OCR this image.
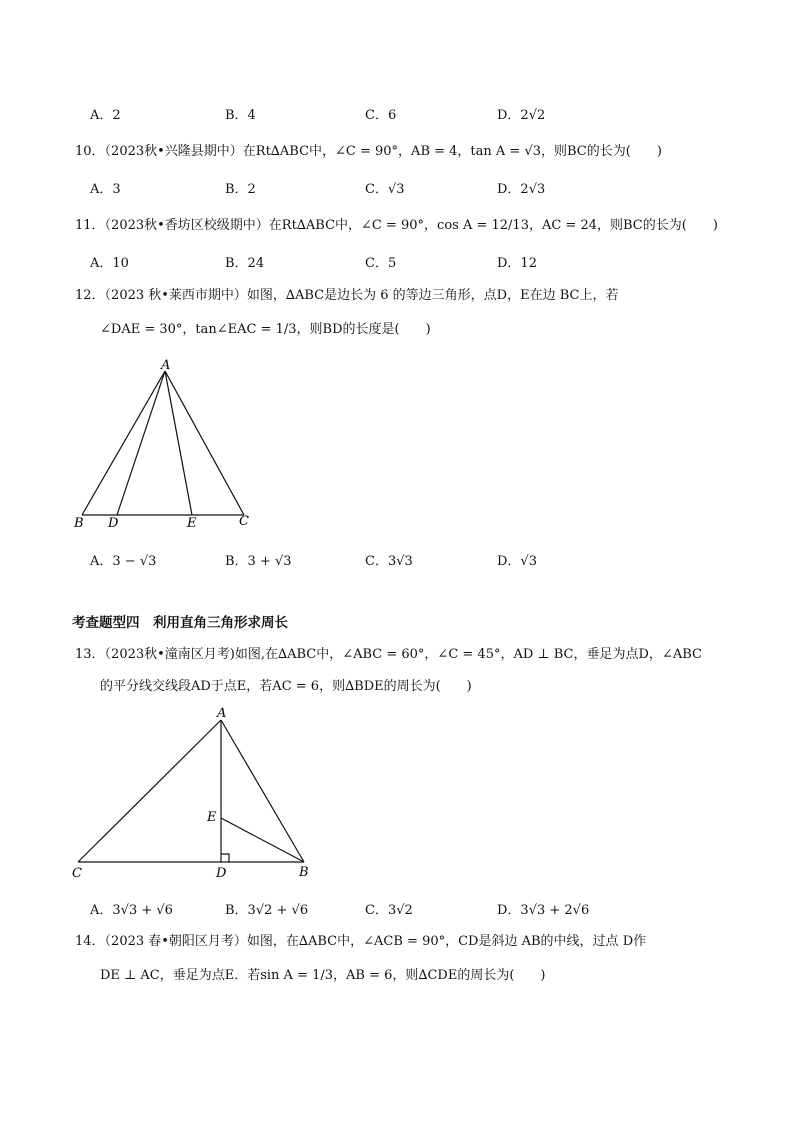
A．2	B．4	C．6	D．2√2
10．（2023秋•兴隆县期中）在Rt∆ABC中，∠C = 90°，AB = 4，tan A = √3，则BC的长为(　　)
A．3	B．2	C．√3	D．2√3
11．（2023秋•香坊区校级期中）在Rt∆ABC中，∠C = 90°，cos A = 12/13，AC = 24，则BC的长为(　　)
A．10	B．24	C．5	D．12
12．（2023 秋•莱西市期中）如图，∆ABC是边长为 6 的等边三角形，点D，E在边 BC上，若
∠DAE = 30°，tan∠EAC = 1/3，则BD的长度是(　　)
A
B D	E	C
A．3 − √3	B．3 + √3	C．3√3	D．√3
考查题型四　利用直角三角形求周长
13．（2023秋•潼南区月考)如图,在∆ABC中，∠ABC = 60°，∠C = 45°，AD ⊥ BC，垂足为点D，∠ABC
的平分线交线段AD于点E，若AC = 6，则∆BDE的周长为(　　)
A
E
C	D	B
A．3√3 + √6	B．3√2 + √6	C．3√2	D．3√3 + 2√6
14．（2023 春•朝阳区月考）如图，在∆ABC中，∠ACB = 90°，CD是斜边 AB的中线，过点 D作
DE ⊥ AC，垂足为点E．若sin A = 1/3，AB = 6，则∆CDE的周长为(　　)
